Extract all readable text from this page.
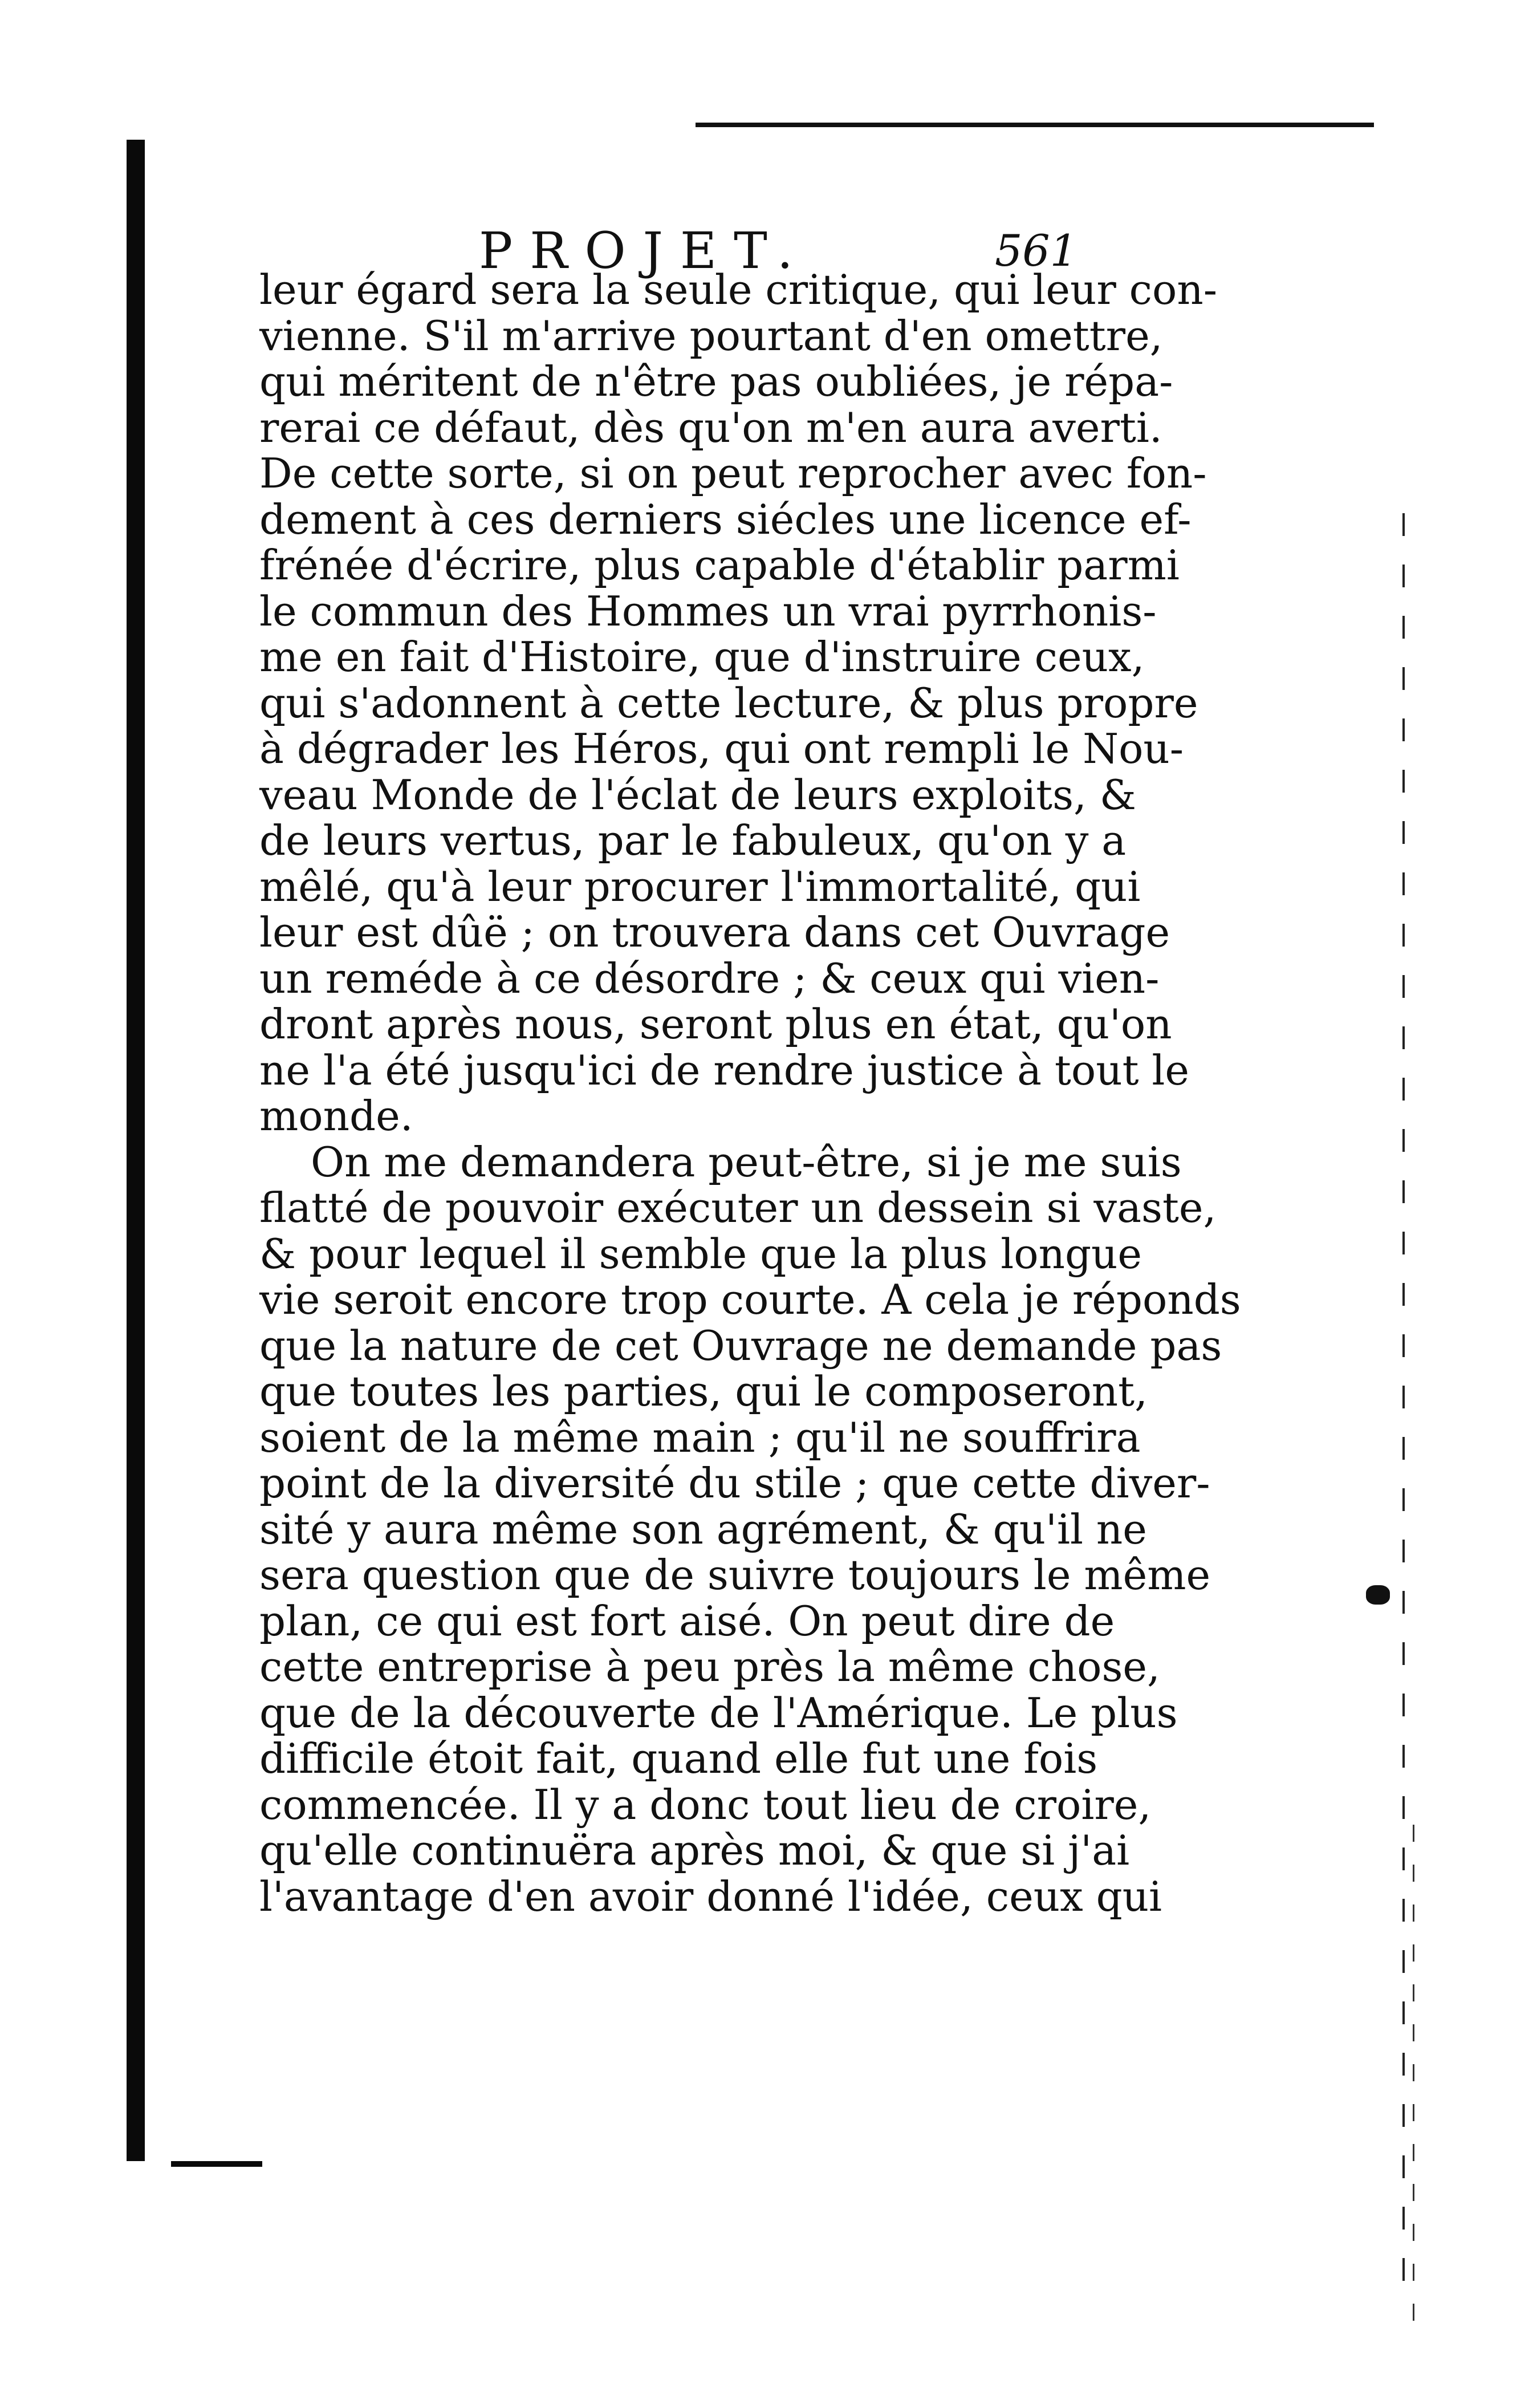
PROJET.	561
leur égard sera la seule critique, qui leur con-
vienne. S'il m'arrive pourtant d'en omettre,
qui méritent de n'être pas oubliées, je répa-
rerai ce défaut, dès qu'on m'en aura averti.
De cette sorte, si on peut reprocher avec fon-
dement à ces derniers siécles une licence ef-
frénée d'écrire, plus capable d'établir parmi
le commun des Hommes un vrai pyrrhonis-
me en fait d'Histoire, que d'instruire ceux,
qui s'adonnent à cette lecture, & plus propre
à dégrader les Héros, qui ont rempli le Nou-
veau Monde de l'éclat de leurs exploits, &
de leurs vertus, par le fabuleux, qu'on y a
mêlé, qu'à leur procurer l'immortalité, qui
leur est dûë ; on trouvera dans cet Ouvrage
un reméde à ce désordre ; & ceux qui vien-
dront après nous, seront plus en état, qu'on
ne l'a été jusqu'ici de rendre justice à tout le
monde.
On me demandera peut-être, si je me suis
flatté de pouvoir exécuter un dessein si vaste,
& pour lequel il semble que la plus longue
vie seroit encore trop courte. A cela je réponds
que la nature de cet Ouvrage ne demande pas
que toutes les parties, qui le composeront,
soient de la même main ; qu'il ne souffrira
point de la diversité du stile ; que cette diver-
sité y aura même son agrément, & qu'il ne
sera question que de suivre toujours le même
plan, ce qui est fort aisé. On peut dire de
cette entreprise à peu près la même chose,
que de la découverte de l'Amérique. Le plus
difficile étoit fait, quand elle fut une fois
commencée. Il y a donc tout lieu de croire,
qu'elle continuëra après moi, & que si j'ai
l'avantage d'en avoir donné l'idée, ceux qui
